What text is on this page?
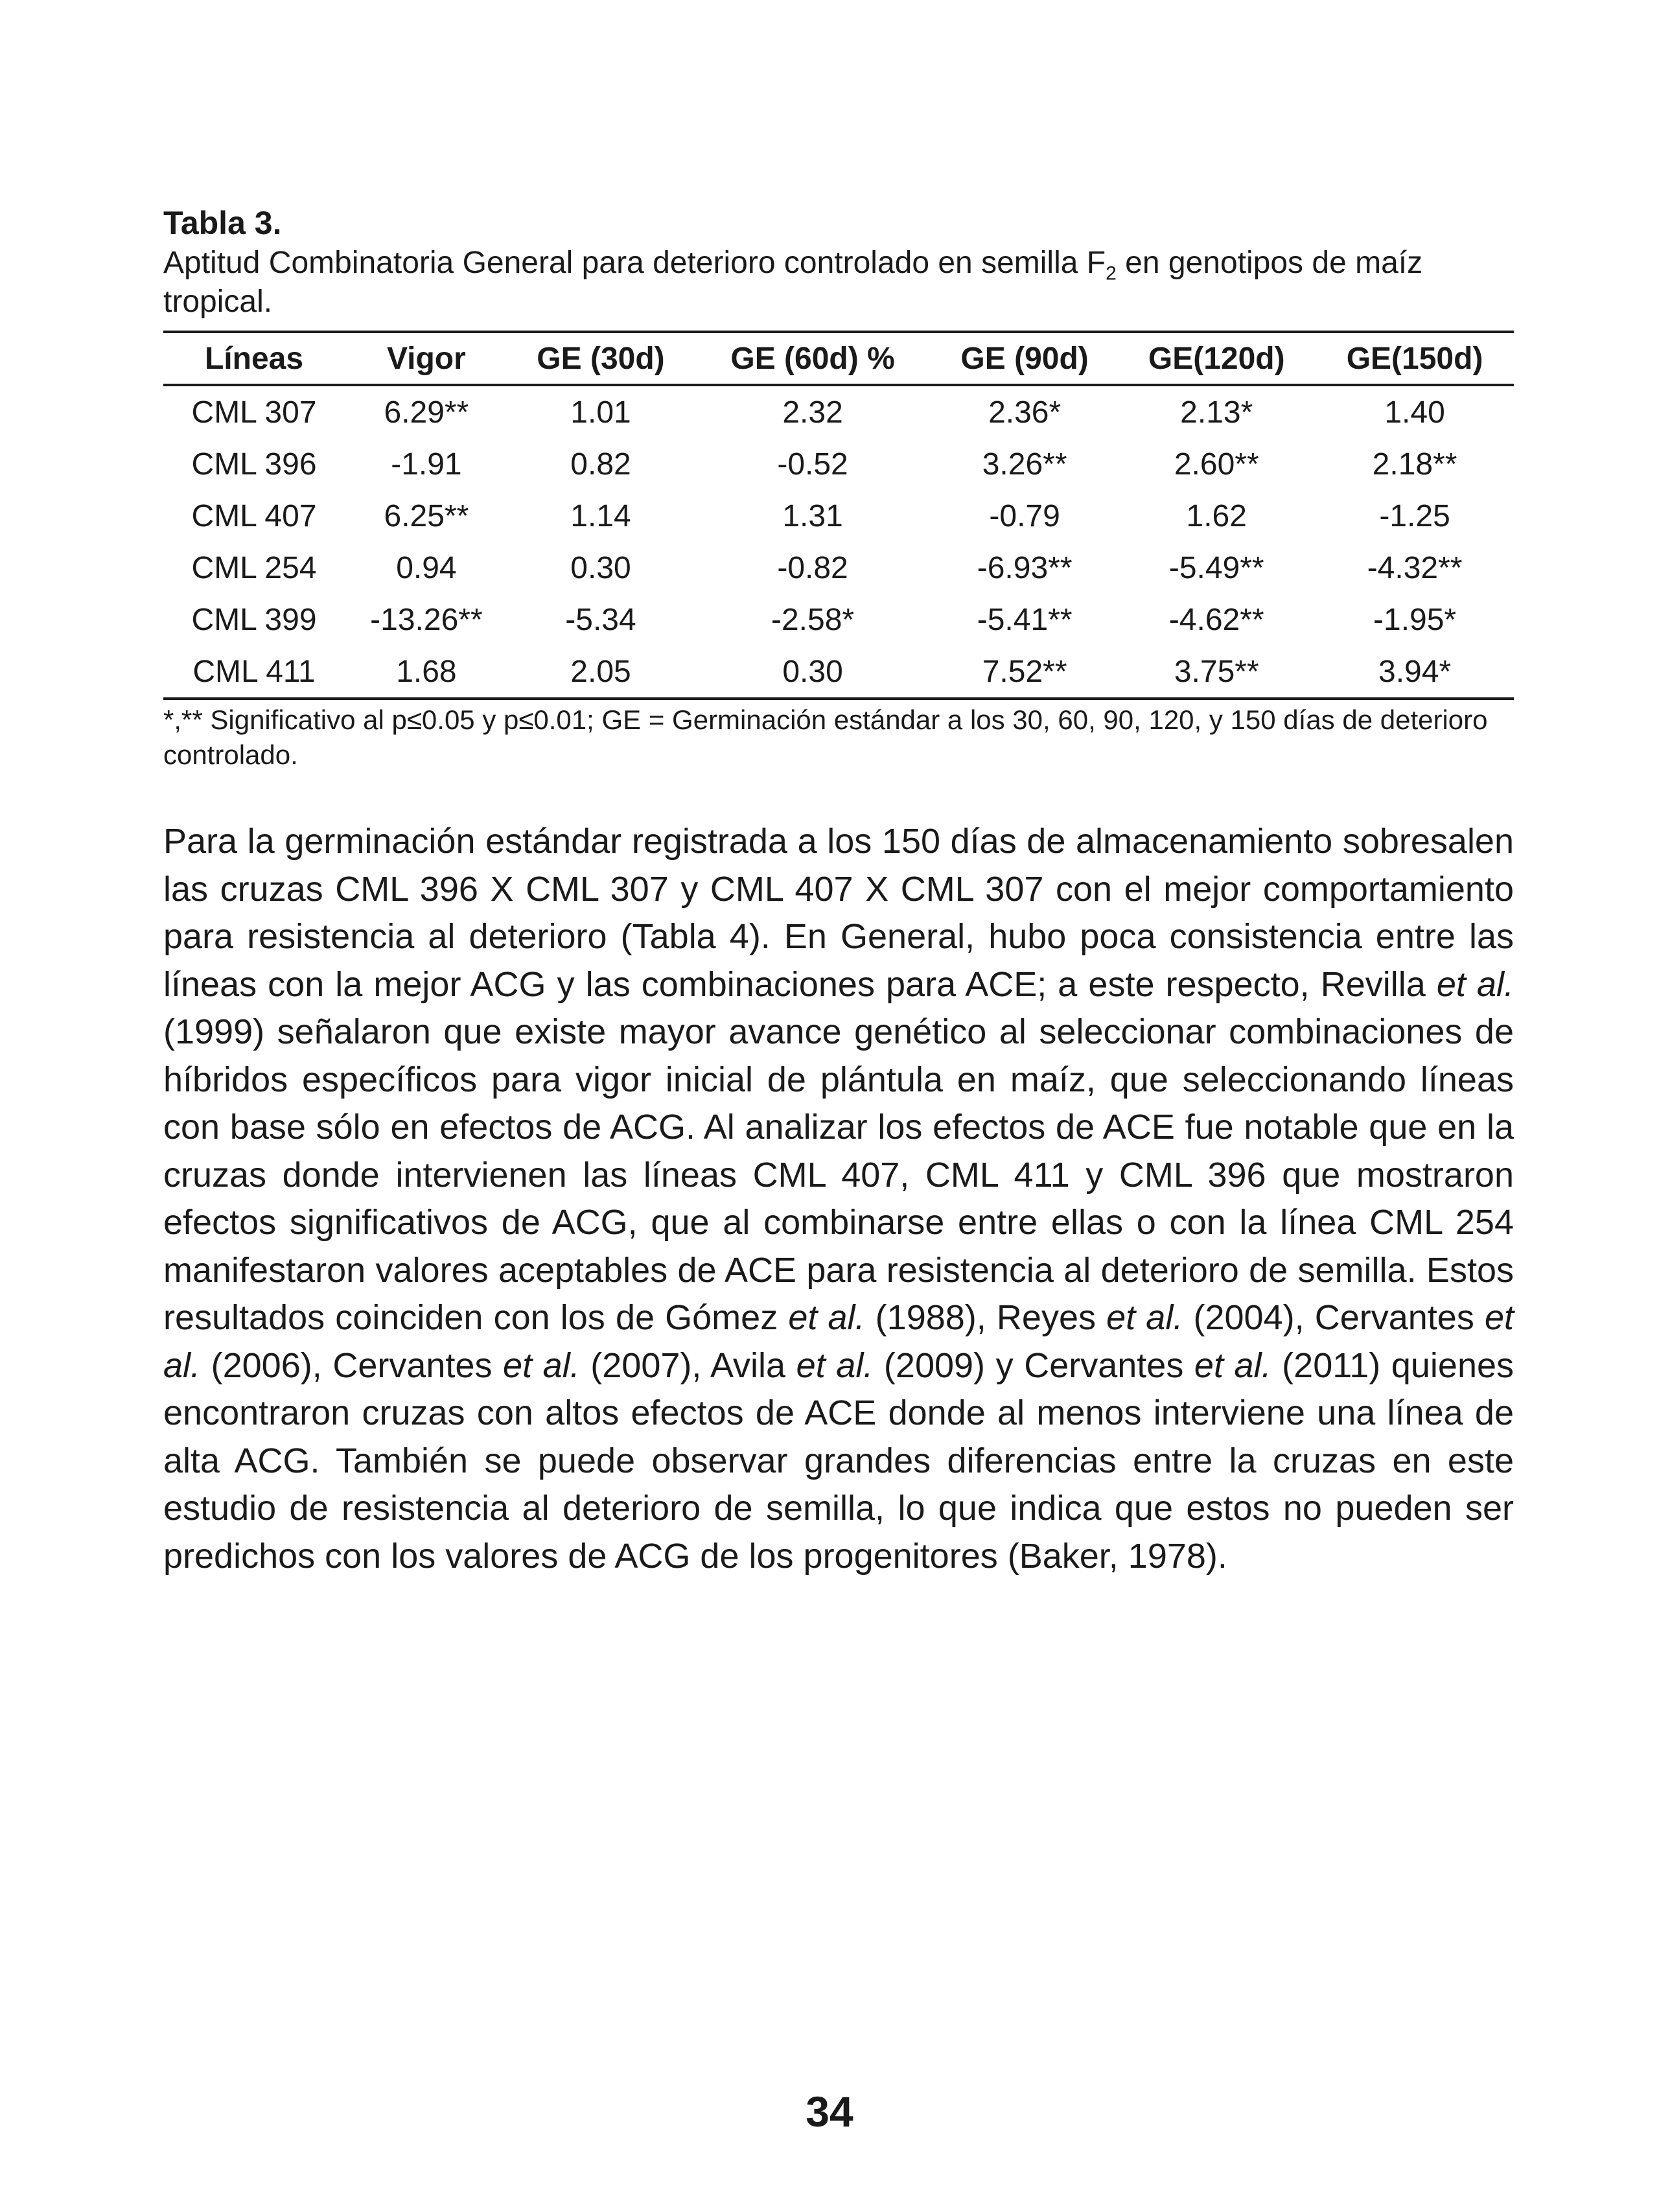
Tabla 3.
Aptitud Combinatoria General para deterioro controlado en semilla $F_2$ en genotipos de maíz tropical.
Líneas	Vigor	GE (30d)	GE (60d) %	GE (90d)	GE(120d)	GE(150d)
CML 307	6.29**	1.01	2.32	2.36*	2.13*	1.40
CML 396	-1.91	0.82	-0.52	3.26**	2.60**	2.18**
CML 407	6.25**	1.14	1.31	-0.79	1.62	-1.25
CML 254	0.94	0.30	-0.82	-6.93**	-5.49**	-4.32**
CML 399	-13.26**	-5.34	-2.58*	-5.41**	-4.62**	-1.95*
CML 411	1.68	2.05	0.30	7.52**	3.75**	3.94*
*,** Significativo al p≤0.05 y p≤0.01; GE = Germinación estándar a los 30, 60, 90, 120, y 150 días de deterioro controlado.

Para la germinación estándar registrada a los 150 días de almacenamiento sobresalen las cruzas CML 396 X CML 307 y CML 407 X CML 307 con el mejor comportamiento para resistencia al deterioro (Tabla 4). En General, hubo poca consistencia entre las líneas con la mejor ACG y las combinaciones para ACE; a este respecto, Revilla et al. (1999) señalaron que existe mayor avance genético al seleccionar combinaciones de híbridos específicos para vigor inicial de plántula en maíz, que seleccionando líneas con base sólo en efectos de ACG. Al analizar los efectos de ACE fue notable que en la cruzas donde intervienen las líneas CML 407, CML 411 y CML 396 que mostraron efectos significativos de ACG, que al combinarse entre ellas o con la línea CML 254 manifestaron valores aceptables de ACE para resistencia al deterioro de semilla. Estos resultados coinciden con los de Gómez et al. (1988), Reyes et al. (2004), Cervantes et al. (2006), Cervantes et al. (2007), Avila et al. (2009) y Cervantes et al. (2011) quienes encontraron cruzas con altos efectos de ACE donde al menos interviene una línea de alta ACG. También se puede observar grandes diferencias entre la cruzas en este estudio de resistencia al deterioro de semilla, lo que indica que estos no pueden ser predichos con los valores de ACG de los progenitores (Baker, 1978).

34
